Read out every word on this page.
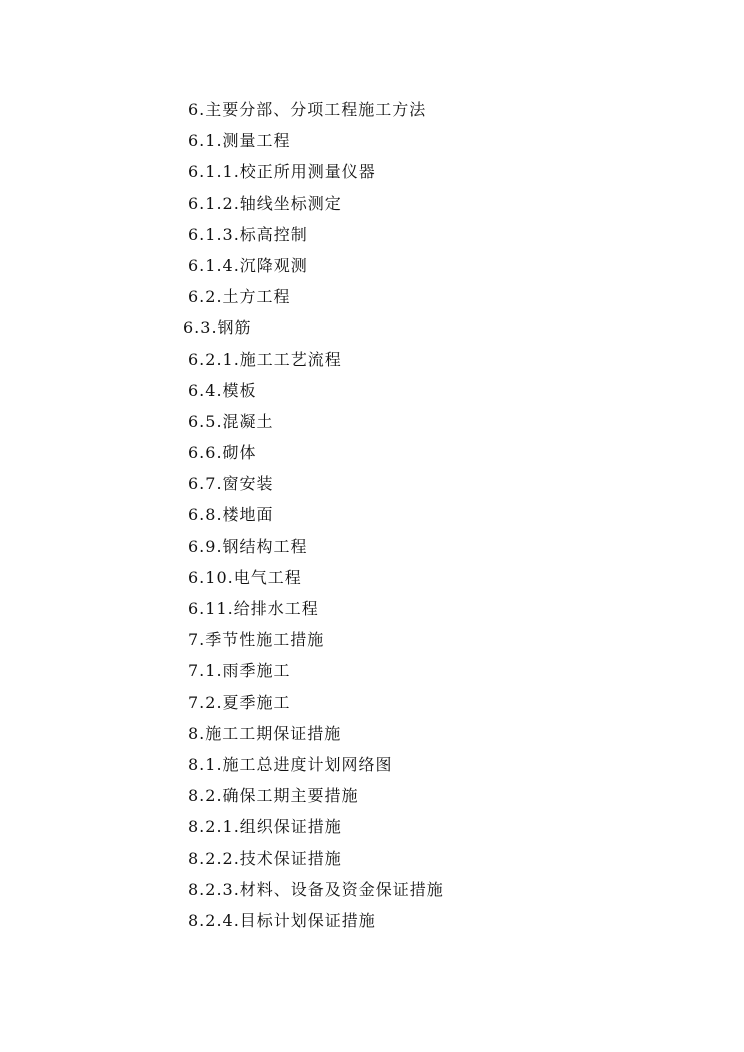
6.主要分部、分项工程施工方法
6.1.测量工程
6.1.1.校正所用测量仪器
6.1.2.轴线坐标测定
6.1.3.标高控制
6.1.4.沉降观测
6.2.土方工程
6.3.钢筋
6.2.1.施工工艺流程
6.4.模板
6.5.混凝土
6.6.砌体
6.7.窗安装
6.8.楼地面
6.9.钢结构工程
6.10.电气工程
6.11.给排水工程
7.季节性施工措施
7.1.雨季施工
7.2.夏季施工
8.施工工期保证措施
8.1.施工总进度计划网络图
8.2.确保工期主要措施
8.2.1.组织保证措施
8.2.2.技术保证措施
8.2.3.材料、设备及资金保证措施
8.2.4.目标计划保证措施
